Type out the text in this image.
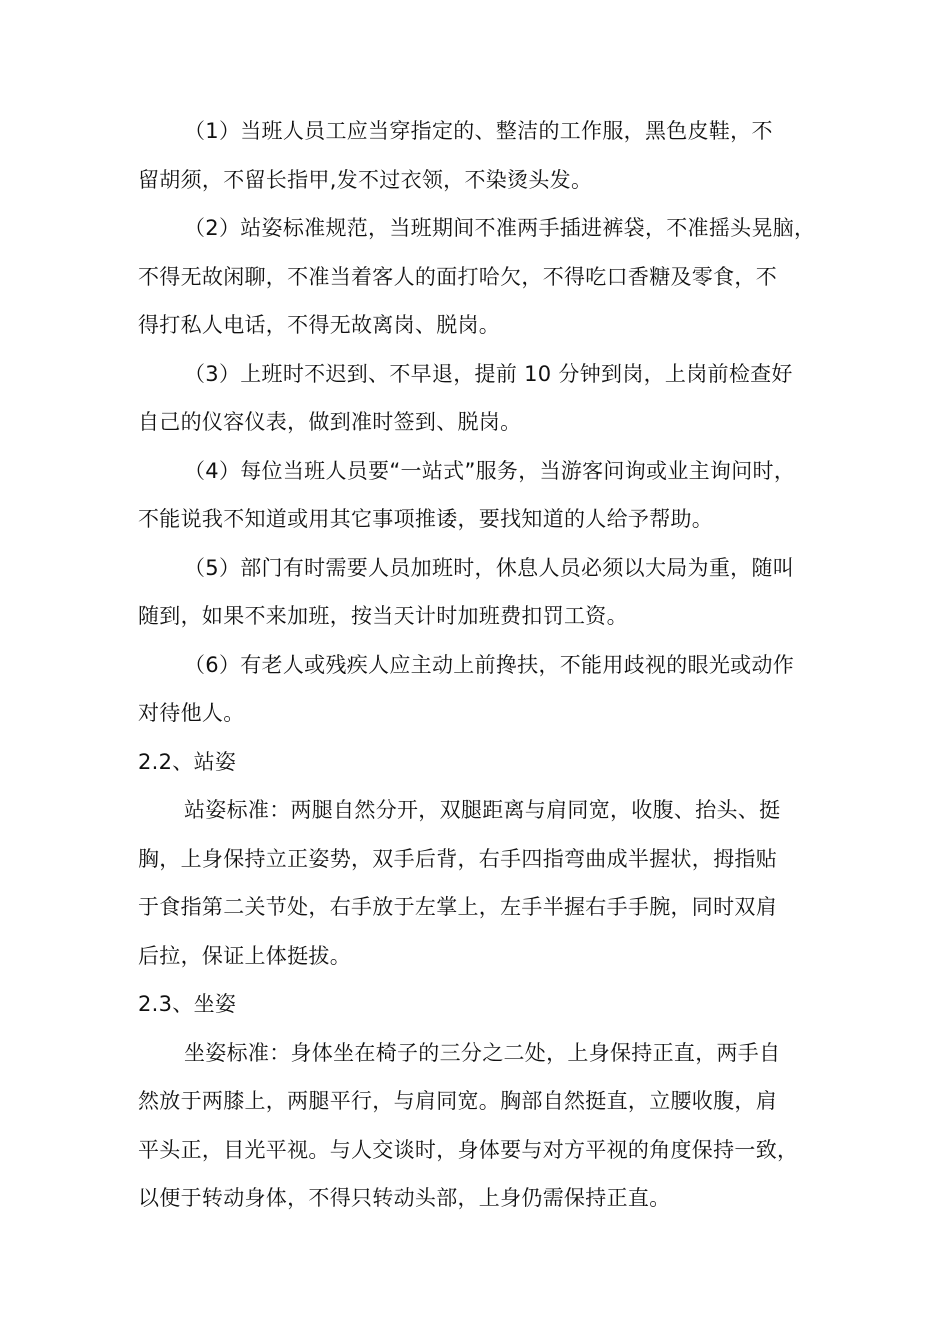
（1）当班人员工应当穿指定的、整洁的工作服，黑色皮鞋，不
留胡须，不留长指甲,发不过衣领，不染烫头发。
（2）站姿标准规范，当班期间不准两手插进裤袋，不准摇头晃脑，
不得无故闲聊，不准当着客人的面打哈欠，不得吃口香糖及零食，不
得打私人电话，不得无故离岗、脱岗。
（3）上班时不迟到、不早退，提前 10 分钟到岗，上岗前检查好
自己的仪容仪表，做到准时签到、脱岗。
（4）每位当班人员要“一站式”服务，当游客问询或业主询问时，
不能说我不知道或用其它事项推诿，要找知道的人给予帮助。
（5）部门有时需要人员加班时，休息人员必须以大局为重，随叫
随到，如果不来加班，按当天计时加班费扣罚工资。
（6）有老人或残疾人应主动上前搀扶，不能用歧视的眼光或动作
对待他人。
2.2、站姿
站姿标准：两腿自然分开，双腿距离与肩同宽，收腹、抬头、挺
胸，上身保持立正姿势，双手后背，右手四指弯曲成半握状，拇指贴
于食指第二关节处，右手放于左掌上，左手半握右手手腕，同时双肩
后拉，保证上体挺拔。
2.3、坐姿
坐姿标准：身体坐在椅子的三分之二处，上身保持正直，两手自
然放于两膝上，两腿平行，与肩同宽。胸部自然挺直，立腰收腹，肩
平头正，目光平视。与人交谈时，身体要与对方平视的角度保持一致，
以便于转动身体，不得只转动头部，上身仍需保持正直。
